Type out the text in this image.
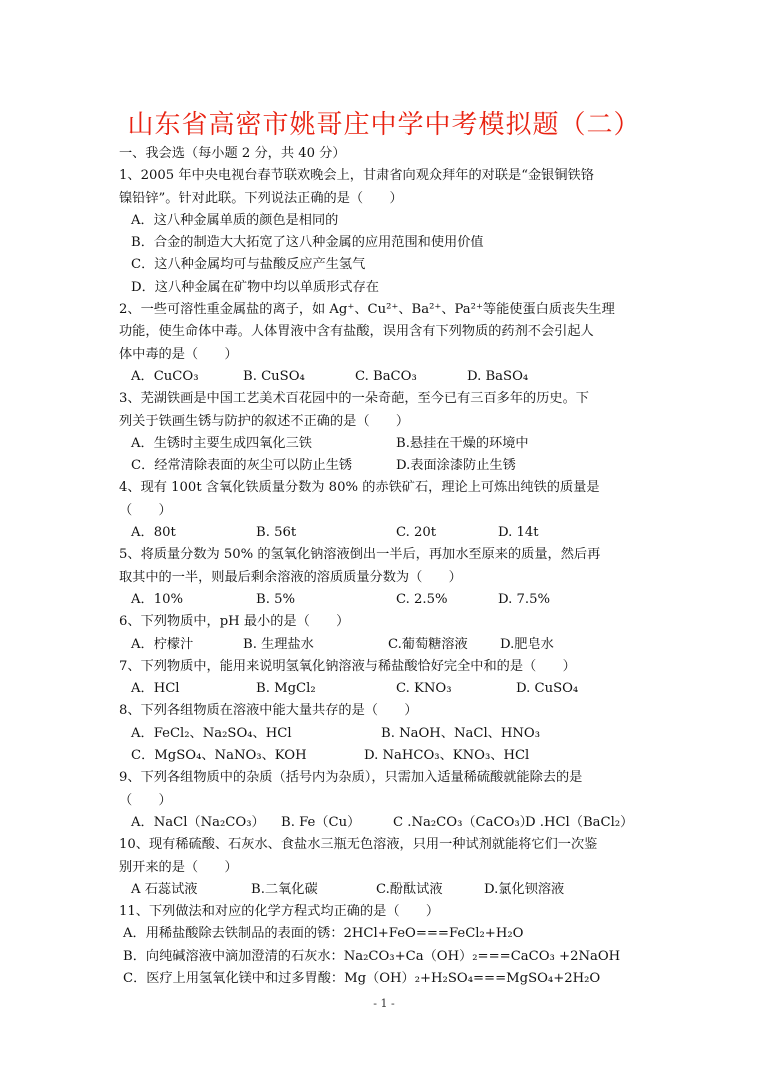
山东省高密市姚哥庄中学中考模拟题（二）
一、我会选（每小题 2 分，共 40 分）
1、2005 年中央电视台春节联欢晚会上，甘肃省向观众拜年的对联是“金银铜铁铬
镍铅锌”。针对此联。下列说法正确的是（　　）
A．这八种金属单质的颜色是相同的
B．合金的制造大大拓宽了这八种金属的应用范围和使用价值
C．这八种金属均可与盐酸反应产生氢气
D．这八种金属在矿物中均以单质形式存在
2、一些可溶性重金属盐的离子，如 Ag⁺、Cu²⁺、Ba²⁺、Pa²⁺等能使蛋白质丧失生理
功能，使生命体中毒。人体胃液中含有盐酸，误用含有下列物质的药剂不会引起人
体中毒的是（　　）
A．CuCO₃	B. CuSO₄	C. BaCO₃	D. BaSO₄
3、芜湖铁画是中国工艺美术百花园中的一朵奇葩，至今已有三百多年的历史。下
列关于铁画生锈与防护的叙述不正确的是（　　）
A．生锈时主要生成四氧化三铁	B.悬挂在干燥的环境中
C．经常清除表面的灰尘可以防止生锈	D.表面涂漆防止生锈
4、现有 100t 含氧化铁质量分数为 80% 的赤铁矿石，理论上可炼出纯铁的质量是
（　　）
A．80t	B. 56t	C. 20t	D. 14t
5、将质量分数为 50% 的氢氧化钠溶液倒出一半后，再加水至原来的质量，然后再
取其中的一半，则最后剩余溶液的溶质质量分数为（　　）
A．10%	B. 5%	C. 2.5%	D. 7.5%
6、下列物质中，pH 最小的是（　　）
A．柠檬汁	B. 生理盐水	C.葡萄糖溶液	D.肥皂水
7、下列物质中，能用来说明氢氧化钠溶液与稀盐酸恰好完全中和的是（　　）
A．HCl	B. MgCl₂	C. KNO₃	D. CuSO₄
8、下列各组物质在溶液中能大量共存的是（　　）
A．FeCl₂、Na₂SO₄、HCl	B. NaOH、NaCl、HNO₃
C．MgSO₄、NaNO₃、KOH	D. NaHCO₃、KNO₃、HCl
9、下列各组物质中的杂质（括号内为杂质），只需加入适量稀硫酸就能除去的是
（　　）
A．NaCl（Na₂CO₃）	B. Fe（Cu）	C .Na₂CO₃（CaCO₃）
D .HCl（BaCl₂）
10、现有稀硫酸、石灰水、食盐水三瓶无色溶液，只用一种试剂就能将它们一次鉴
别开来的是（　　）
A 石蕊试液	B.二氧化碳	C.酚酞试液	D.氯化钡溶液
11、下列做法和对应的化学方程式均正确的是（　　）
A．用稀盐酸除去铁制品的表面的锈：2HCl+FeO===FeCl₂+H₂O
B．向纯碱溶液中滴加澄清的石灰水：Na₂CO₃+Ca（OH）₂===CaCO₃ +2NaOH
C．医疗上用氢氧化镁中和过多胃酸：Mg（OH）₂+H₂SO₄===MgSO₄+2H₂O
- 1 -
